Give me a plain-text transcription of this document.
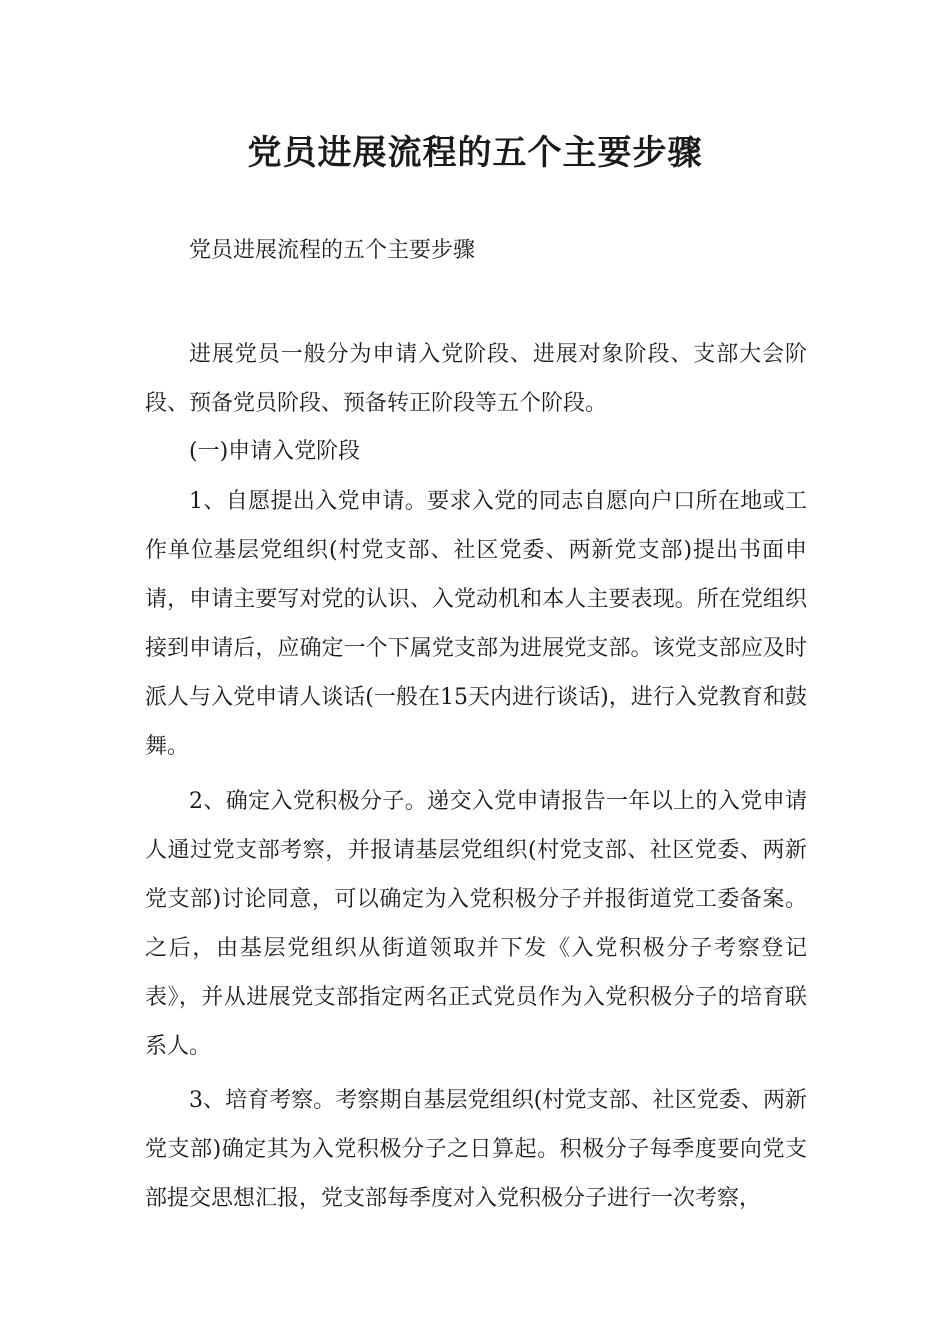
党员进展流程的五个主要步骤

党员进展流程的五个主要步骤

进展党员一般分为申请入党阶段、进展对象阶段、支部大会阶段、预备党员阶段、预备转正阶段等五个阶段。

(一)申请入党阶段

1、自愿提出入党申请。要求入党的同志自愿向户口所在地或工作单位基层党组织(村党支部、社区党委、两新党支部)提出书面申请，申请主要写对党的认识、入党动机和本人主要表现。所在党组织接到申请后，应确定一个下属党支部为进展党支部。该党支部应及时派人与入党申请人谈话(一般在15天内进行谈话)，进行入党教育和鼓舞。

2、确定入党积极分子。递交入党申请报告一年以上的入党申请人通过党支部考察，并报请基层党组织(村党支部、社区党委、两新党支部)讨论同意，可以确定为入党积极分子并报街道党工委备案。之后，由基层党组织从街道领取并下发《入党积极分子考察登记表》，并从进展党支部指定两名正式党员作为入党积极分子的培育联系人。

3、培育考察。考察期自基层党组织(村党支部、社区党委、两新党支部)确定其为入党积极分子之日算起。积极分子每季度要向党支部提交思想汇报，党支部每季度对入党积极分子进行一次考察，
